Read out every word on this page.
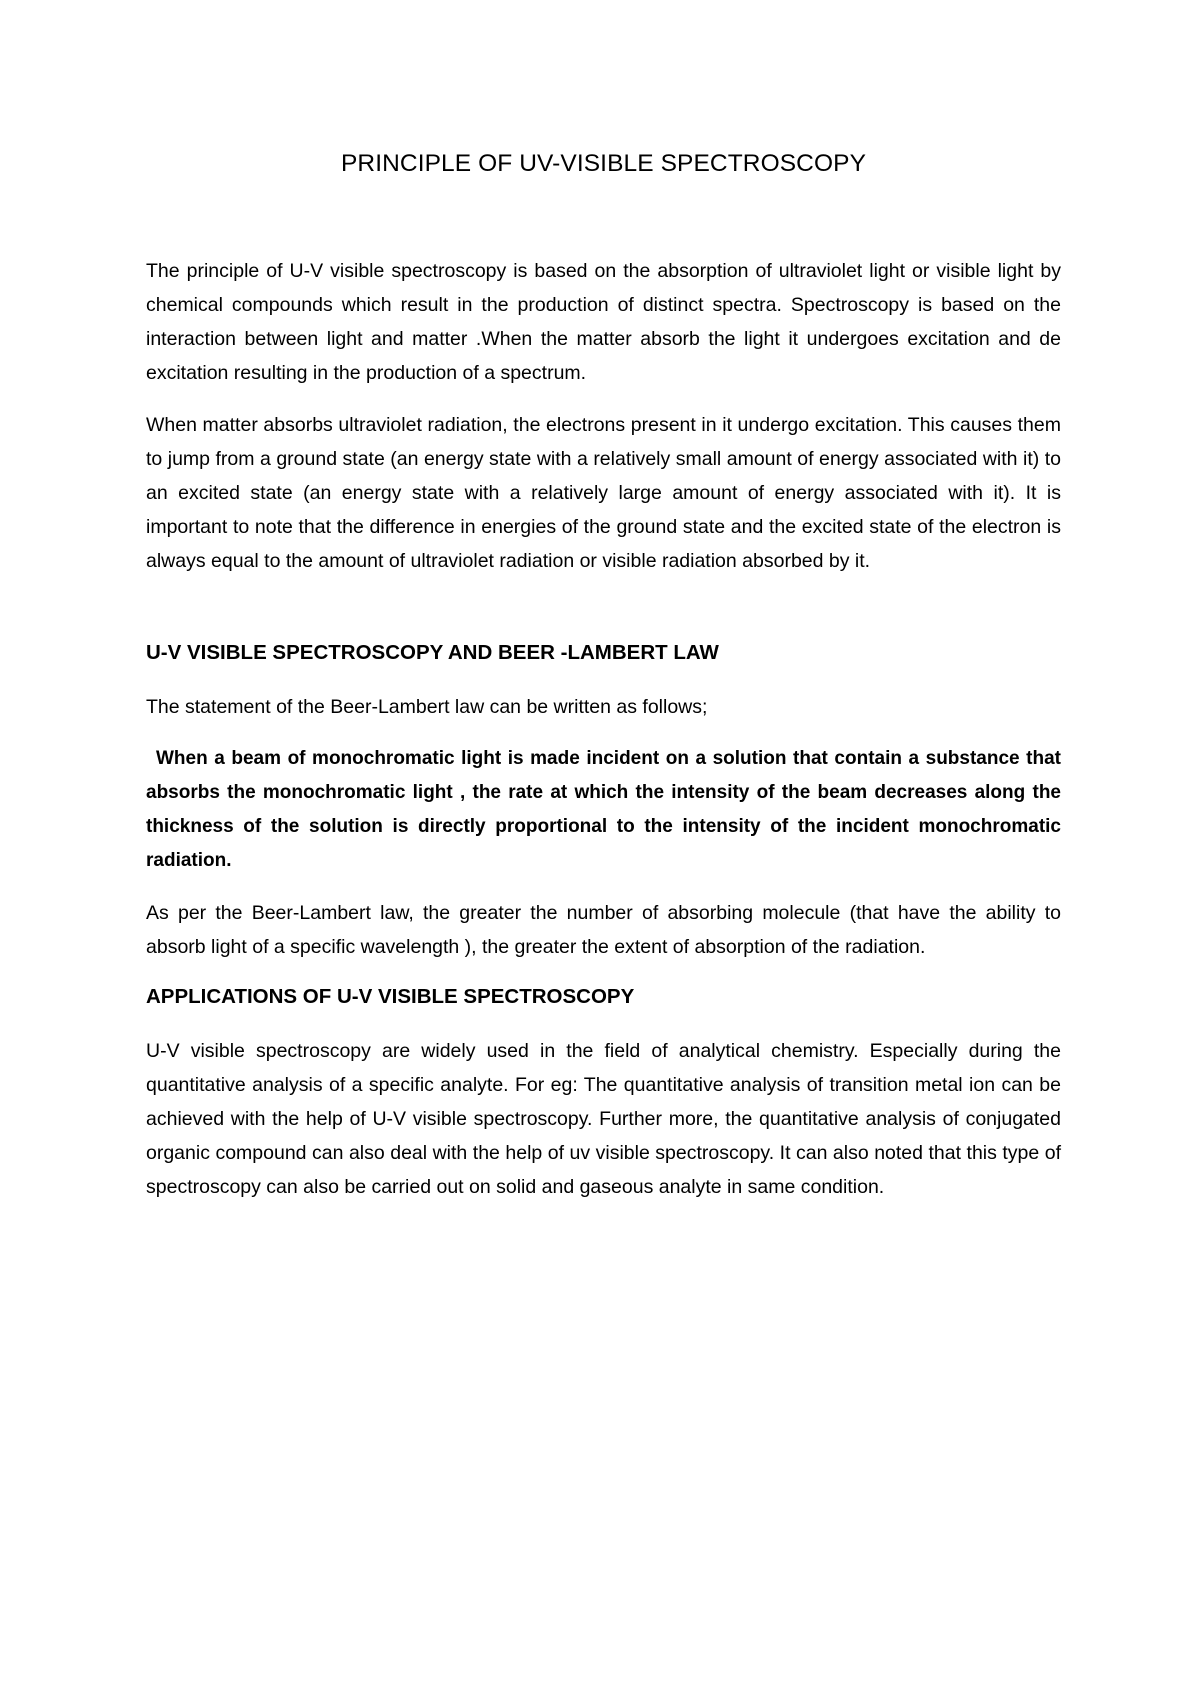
PRINCIPLE OF UV-VISIBLE SPECTROSCOPY

The principle of U-V visible spectroscopy is based on the absorption of ultraviolet light or visible light by chemical compounds which result in the production of distinct spectra. Spectroscopy is based on the interaction between light and matter .When the matter absorb the light it undergoes excitation and de excitation resulting in the production of a spectrum.

When matter absorbs ultraviolet radiation, the electrons present in it undergo excitation. This causes them to jump from a ground state (an energy state with a relatively small amount of energy associated with it) to an excited state (an energy state with a relatively large amount of energy associated with it). It is important to note that the difference in energies of the ground state and the excited state of the electron is always equal to the amount of ultraviolet radiation or visible radiation absorbed by it.

U-V VISIBLE SPECTROSCOPY AND BEER -LAMBERT LAW

The statement of the Beer-Lambert law can be written as follows;

When a beam of monochromatic light is made incident on a solution that contain a substance that absorbs the monochromatic light , the rate at which the intensity of the beam decreases along the thickness of the solution is directly proportional to the intensity of the incident monochromatic radiation.

As per the Beer-Lambert law, the greater the number of absorbing molecule (that have the ability to absorb light of a specific wavelength ), the greater the extent of absorption of the radiation.

APPLICATIONS OF U-V VISIBLE SPECTROSCOPY

U-V visible spectroscopy are widely used in the field of analytical chemistry. Especially during the quantitative analysis of a specific analyte. For eg: The quantitative analysis of transition metal ion can be achieved with the help of U-V visible spectroscopy. Further more, the quantitative analysis of conjugated organic compound can also deal with the help of uv visible spectroscopy. It can also noted that this type of spectroscopy can also be carried out on solid and gaseous analyte in same condition.
